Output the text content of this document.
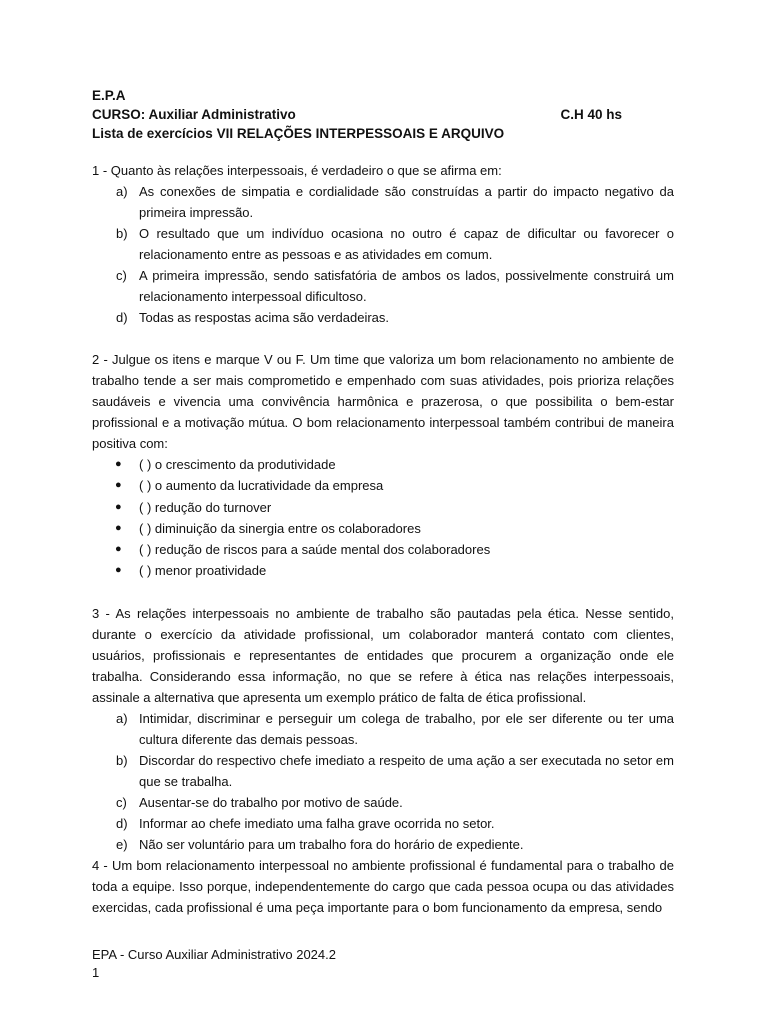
E.P.A
CURSO: Auxiliar Administrativo	C.H 40 hs
Lista de exercícios VII RELAÇÕES INTERPESSOAIS E ARQUIVO

1 - Quanto às relações interpessoais, é verdadeiro o que se afirma em:

a) As conexões de simpatia e cordialidade são construídas a partir do impacto negativo da primeira impressão.
b) O resultado que um indivíduo ocasiona no outro é capaz de dificultar ou favorecer o relacionamento entre as pessoas e as atividades em comum.
c) A primeira impressão, sendo satisfatória de ambos os lados, possivelmente construirá um relacionamento interpessoal dificultoso.
d) Todas as respostas acima são verdadeiras.

2 - Julgue os itens e marque V ou F. Um time que valoriza um bom relacionamento no ambiente de trabalho tende a ser mais comprometido e empenhado com suas atividades, pois prioriza relações saudáveis e vivencia uma convivência harmônica e prazerosa, o que possibilita o bem-estar profissional e a motivação mútua. O bom relacionamento interpessoal também contribui de maneira positiva com:

● ( ) o crescimento da produtividade
● ( ) o aumento da lucratividade da empresa
● ( ) redução do turnover
● ( ) diminuição da sinergia entre os colaboradores
● ( ) redução de riscos para a saúde mental dos colaboradores
● ( ) menor proatividade

3 - As relações interpessoais no ambiente de trabalho são pautadas pela ética. Nesse sentido, durante o exercício da atividade profissional, um colaborador manterá contato com clientes, usuários, profissionais e representantes de entidades que procurem a organização onde ele trabalha. Considerando essa informação, no que se refere à ética nas relações interpessoais, assinale a alternativa que apresenta um exemplo prático de falta de ética profissional.

a) Intimidar, discriminar e perseguir um colega de trabalho, por ele ser diferente ou ter uma cultura diferente das demais pessoas.
b) Discordar do respectivo chefe imediato a respeito de uma ação a ser executada no setor em que se trabalha.
c) Ausentar-se do trabalho por motivo de saúde.
d) Informar ao chefe imediato uma falha grave ocorrida no setor.
e) Não ser voluntário para um trabalho fora do horário de expediente.

4 - Um bom relacionamento interpessoal no ambiente profissional é fundamental para o trabalho de toda a equipe. Isso porque, independentemente do cargo que cada pessoa ocupa ou das atividades exercidas, cada profissional é uma peça importante para o bom funcionamento da empresa, sendo

EPA - Curso Auxiliar Administrativo 2024.2
1
